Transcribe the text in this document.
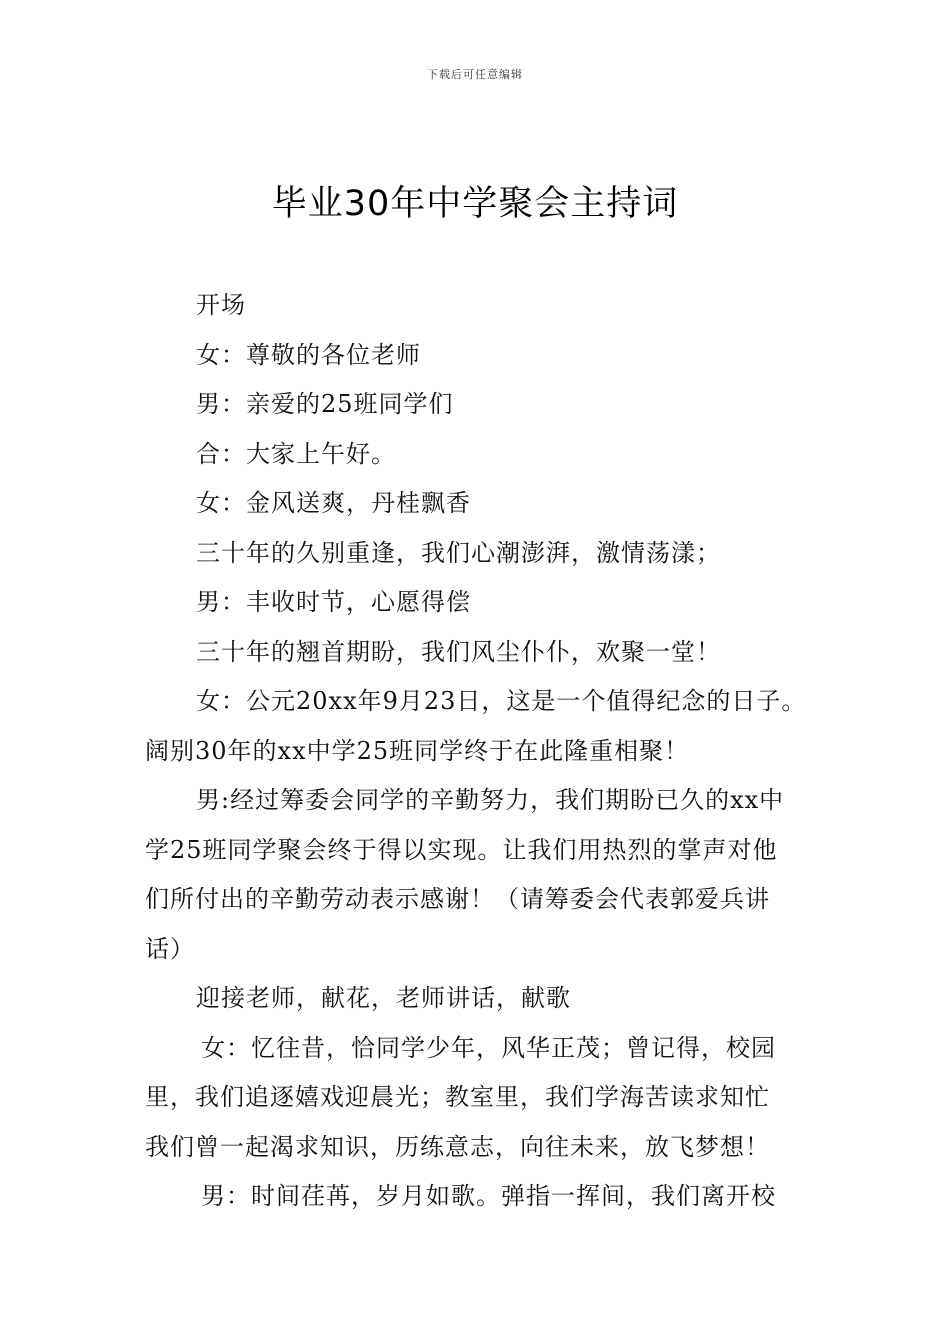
下载后可任意编辑
毕业30年中学聚会主持词
开场
女：尊敬的各位老师
男：亲爱的25班同学们
合：大家上午好。
女：金风送爽，丹桂飘香
三十年的久别重逢，我们心潮澎湃，激情荡漾；
男：丰收时节，心愿得偿
三十年的翘首期盼，我们风尘仆仆，欢聚一堂！
女：公元20xx年9月23日，这是一个值得纪念的日子。
阔别30年的xx中学25班同学终于在此隆重相聚！
男:经过筹委会同学的辛勤努力，我们期盼已久的xx中
学25班同学聚会终于得以实现。让我们用热烈的掌声对他
们所付出的辛勤劳动表示感谢！（请筹委会代表郭爱兵讲
话）
迎接老师，献花，老师讲话，献歌
女：忆往昔，恰同学少年，风华正茂；曾记得，校园
里，我们追逐嬉戏迎晨光；教室里，我们学海苦读求知忙
我们曾一起渴求知识，历练意志，向往未来，放飞梦想！
男：时间荏苒，岁月如歌。弹指一挥间，我们离开校
